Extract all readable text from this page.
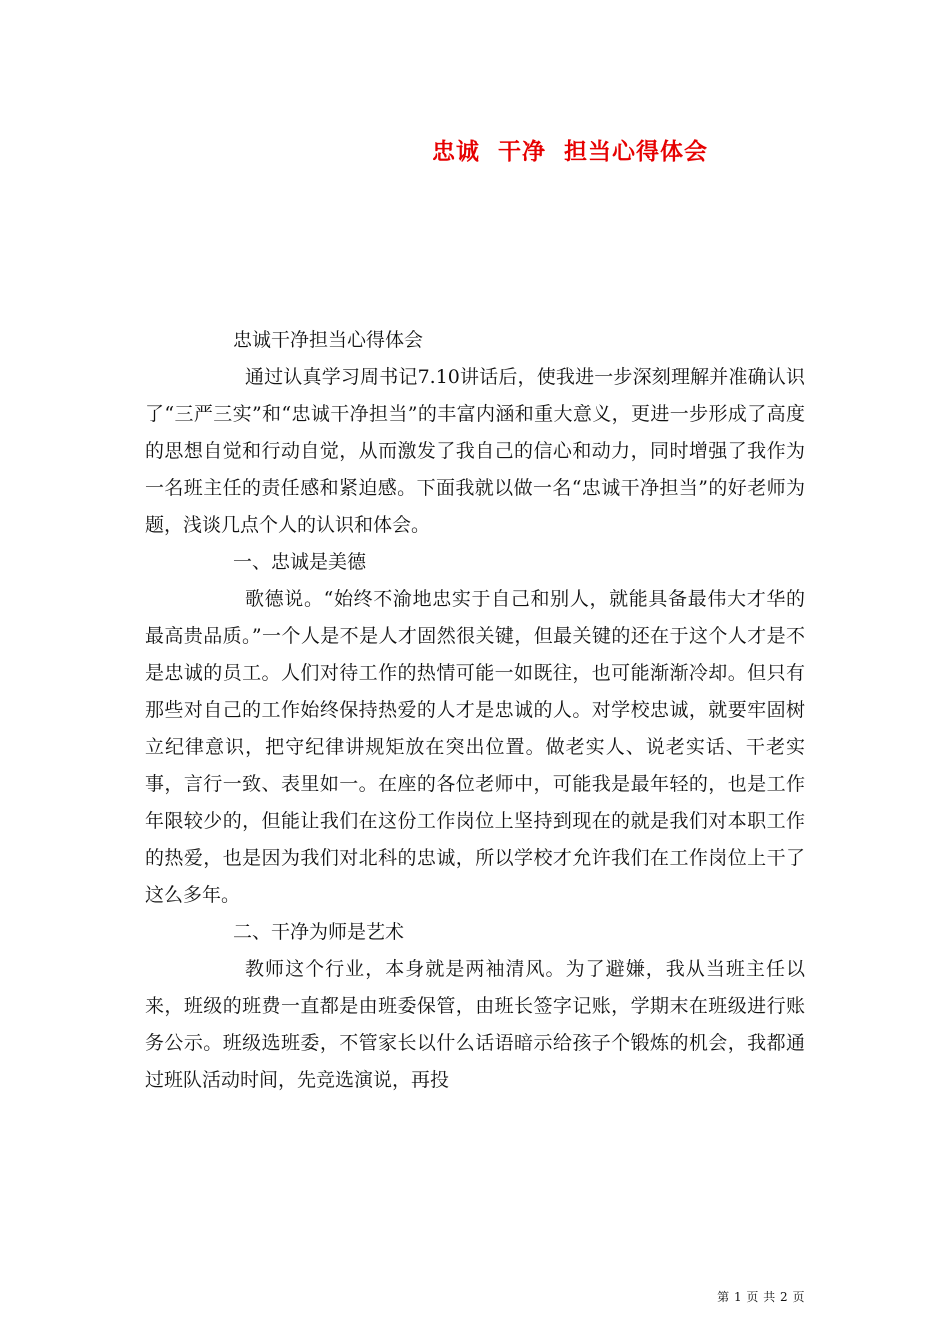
忠诚  干净  担当心得体会

忠诚干净担当心得体会

通过认真学习周书记7.10讲话后，使我进一步深刻理解并准确认识了“三严三实”和“忠诚干净担当”的丰富内涵和重大意义，更进一步形成了高度的思想自觉和行动自觉，从而激发了我自己的信心和动力，同时增强了我作为一名班主任的责任感和紧迫感。下面我就以做一名“忠诚干净担当”的好老师为题，浅谈几点个人的认识和体会。

一、忠诚是美德

歌德说。“始终不渝地忠实于自己和别人，就能具备最伟大才华的最高贵品质。”一个人是不是人才固然很关键，但最关键的还在于这个人才是不是忠诚的员工。人们对待工作的热情可能一如既往，也可能渐渐冷却。但只有那些对自己的工作始终保持热爱的人才是忠诚的人。对学校忠诚，就要牢固树立纪律意识，把守纪律讲规矩放在突出位置。做老实人、说老实话、干老实事，言行一致、表里如一。在座的各位老师中，可能我是最年轻的，也是工作年限较少的，但能让我们在这份工作岗位上坚持到现在的就是我们对本职工作的热爱，也是因为我们对北科的忠诚，所以学校才允许我们在工作岗位上干了这么多年。

二、干净为师是艺术

教师这个行业，本身就是两袖清风。为了避嫌，我从当班主任以来，班级的班费一直都是由班委保管，由班长签字记账，学期末在班级进行账务公示。班级选班委，不管家长以什么话语暗示给孩子个锻炼的机会，我都通过班队活动时间，先竞选演说，再投

第 1 页 共 2 页
